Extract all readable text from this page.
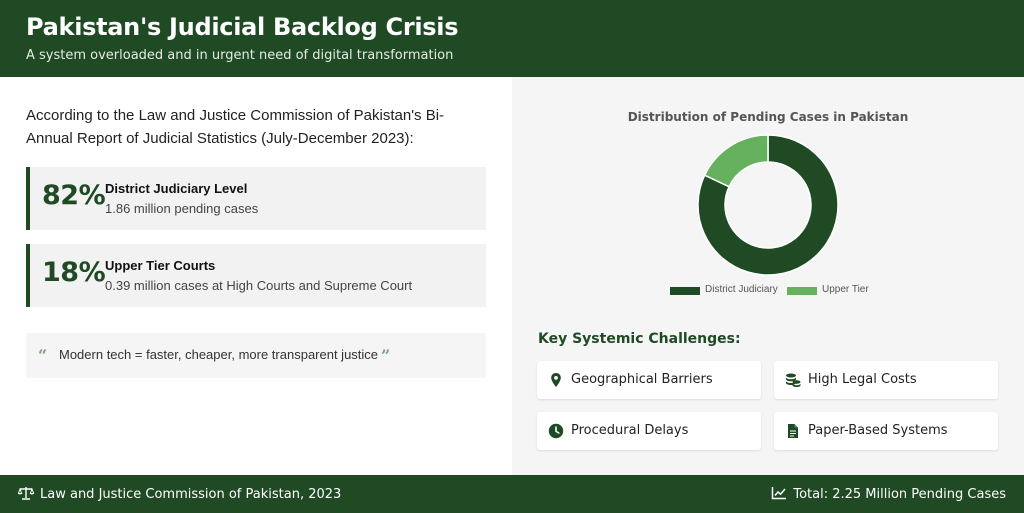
Pakistan's Judicial Backlog Crisis
A system overloaded and in urgent need of digital transformation
According to the Law and Justice Commission of Pakistan's Bi-Annual Report of Judicial Statistics (July-December 2023):
82% District Judiciary Level
1.86 million pending cases
18% Upper Tier Courts
0.39 million cases at High Courts and Supreme Court
“ Modern tech = faster, cheaper, more transparent justice ”
Distribution of Pending Cases in Pakistan
District Judiciary	Upper Tier
Key Systemic Challenges:
Geographical Barriers	High Legal Costs
Procedural Delays	Paper-Based Systems
Law and Justice Commission of Pakistan, 2023	Total: 2.25 Million Pending Cases
